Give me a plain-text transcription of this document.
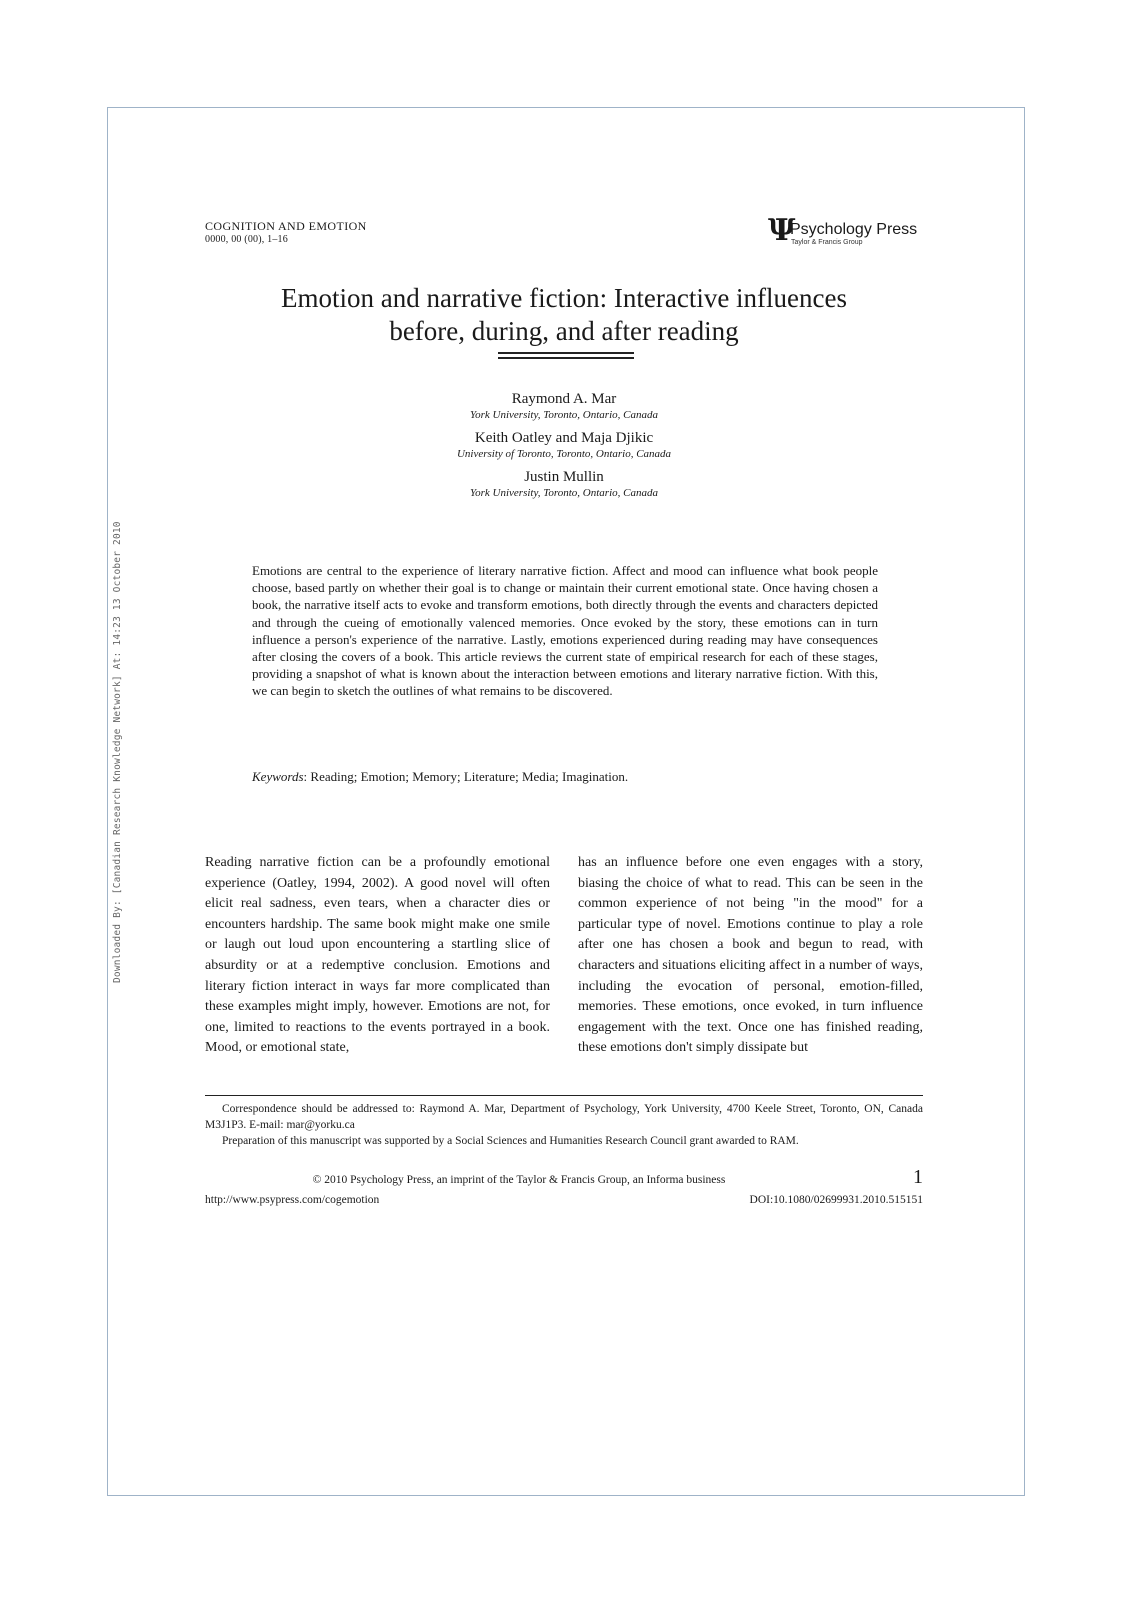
Downloaded By: [Canadian Research Knowledge Network] At: 14:23 13 October 2010
COGNITION AND EMOTION
0000, 00 (00), 1–16	Ψ
Psychology Press
Taylor & Francis Group
Emotion and narrative fiction: Interactive influences
before, during, and after reading
Raymond A. Mar
York University, Toronto, Ontario, Canada
Keith Oatley and Maja Djikic
University of Toronto, Toronto, Ontario, Canada
Justin Mullin
York University, Toronto, Ontario, Canada

Emotions are central to the experience of literary narrative fiction. Affect and mood can influence what book people choose, based partly on whether their goal is to change or maintain their current emotional state. Once having chosen a book, the narrative itself acts to evoke and transform emotions, both directly through the events and characters depicted and through the cueing of emotionally valenced memories. Once evoked by the story, these emotions can in turn influence a person's experience of the narrative. Lastly, emotions experienced during reading may have consequences after closing the covers of a book. This article reviews the current state of empirical research for each of these stages, providing a snapshot of what is known about the interaction between emotions and literary narrative fiction. With this, we can begin to sketch the outlines of what remains to be discovered.

Keywords: Reading; Emotion; Memory; Literature; Media; Imagination.

Reading narrative fiction can be a profoundly emotional experience (Oatley, 1994, 2002). A good novel will often elicit real sadness, even tears, when a character dies or encounters hardship. The same book might make one smile or laugh out loud upon encountering a startling slice of absurdity or at a redemptive conclusion. Emotions and literary fiction interact in ways far more complicated than these examples might imply, however. Emotions are not, for one, limited to reactions to the events portrayed in a book. Mood, or emotional state,

has an influence before one even engages with a story, biasing the choice of what to read. This can be seen in the common experience of not being "in the mood" for a particular type of novel. Emotions continue to play a role after one has chosen a book and begun to read, with characters and situations eliciting affect in a number of ways, including the evocation of personal, emotion-filled, memories. These emotions, once evoked, in turn influence engagement with the text. Once one has finished reading, these emotions don't simply dissipate but

Correspondence should be addressed to: Raymond A. Mar, Department of Psychology, York University, 4700 Keele Street, Toronto, ON, Canada M3J1P3. E-mail: mar@yorku.ca

Preparation of this manuscript was supported by a Social Sciences and Humanities Research Council grant awarded to RAM.

© 2010 Psychology Press, an imprint of the Taylor & Francis Group, an Informa business	1
http://www.psypress.com/cogemotion	DOI:10.1080/02699931.2010.515151
